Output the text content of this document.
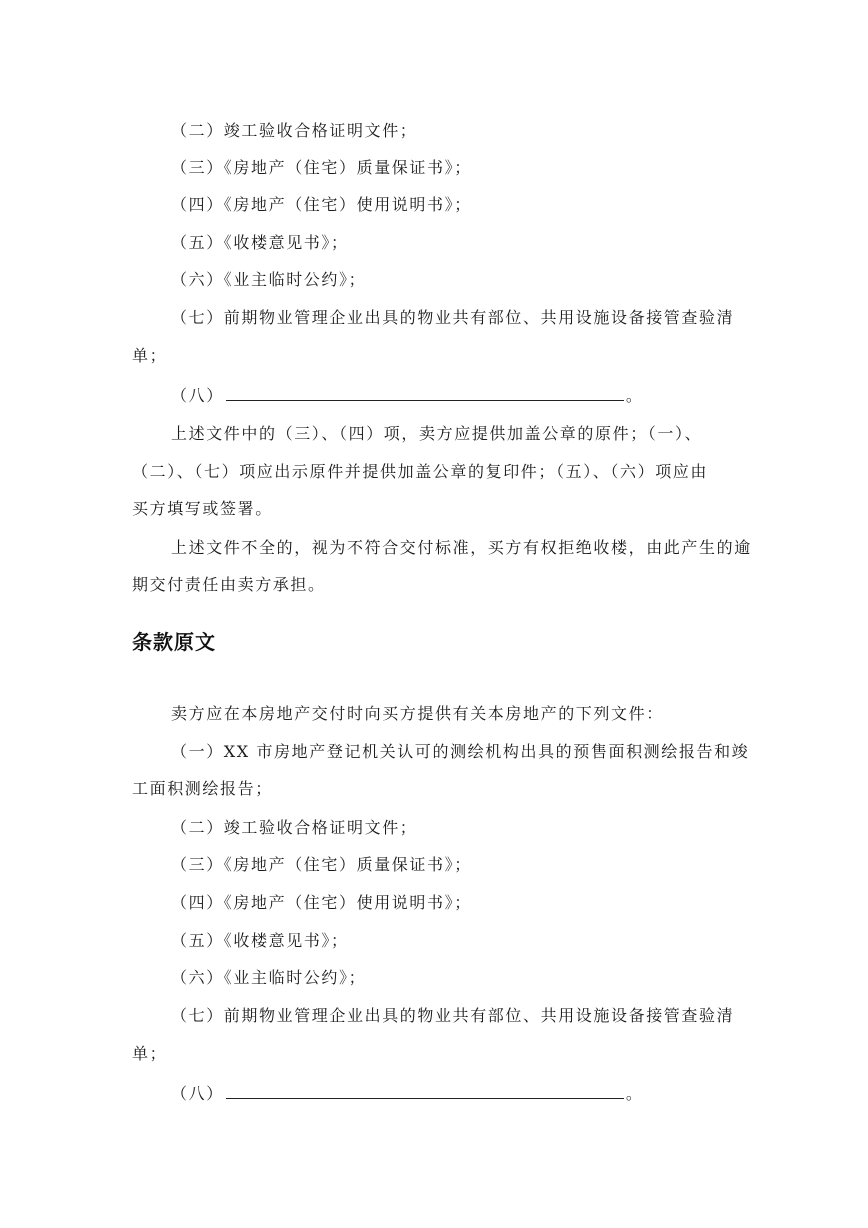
（二）竣工验收合格证明文件；
（三）《房地产（住宅）质量保证书》；
（四）《房地产（住宅）使用说明书》；
（五）《收楼意见书》；
（六）《业主临时公约》；
（七）前期物业管理企业出具的物业共有部位、共用设施设备接管查验清
单；
（八）	。
上述文件中的（三）、（四）项，卖方应提供加盖公章的原件；（一）、
（二）、（七）项应出示原件并提供加盖公章的复印件；（五）、（六）项应由
买方填写或签署。
上述文件不全的，视为不符合交付标准，买方有权拒绝收楼，由此产生的逾
期交付责任由卖方承担。
条款原文
卖方应在本房地产交付时向买方提供有关本房地产的下列文件：
（一）XX 市房地产登记机关认可的测绘机构出具的预售面积测绘报告和竣
工面积测绘报告；
（二）竣工验收合格证明文件；
（三）《房地产（住宅）质量保证书》；
（四）《房地产（住宅）使用说明书》；
（五）《收楼意见书》；
（六）《业主临时公约》；
（七）前期物业管理企业出具的物业共有部位、共用设施设备接管查验清
单；
（八）	。
